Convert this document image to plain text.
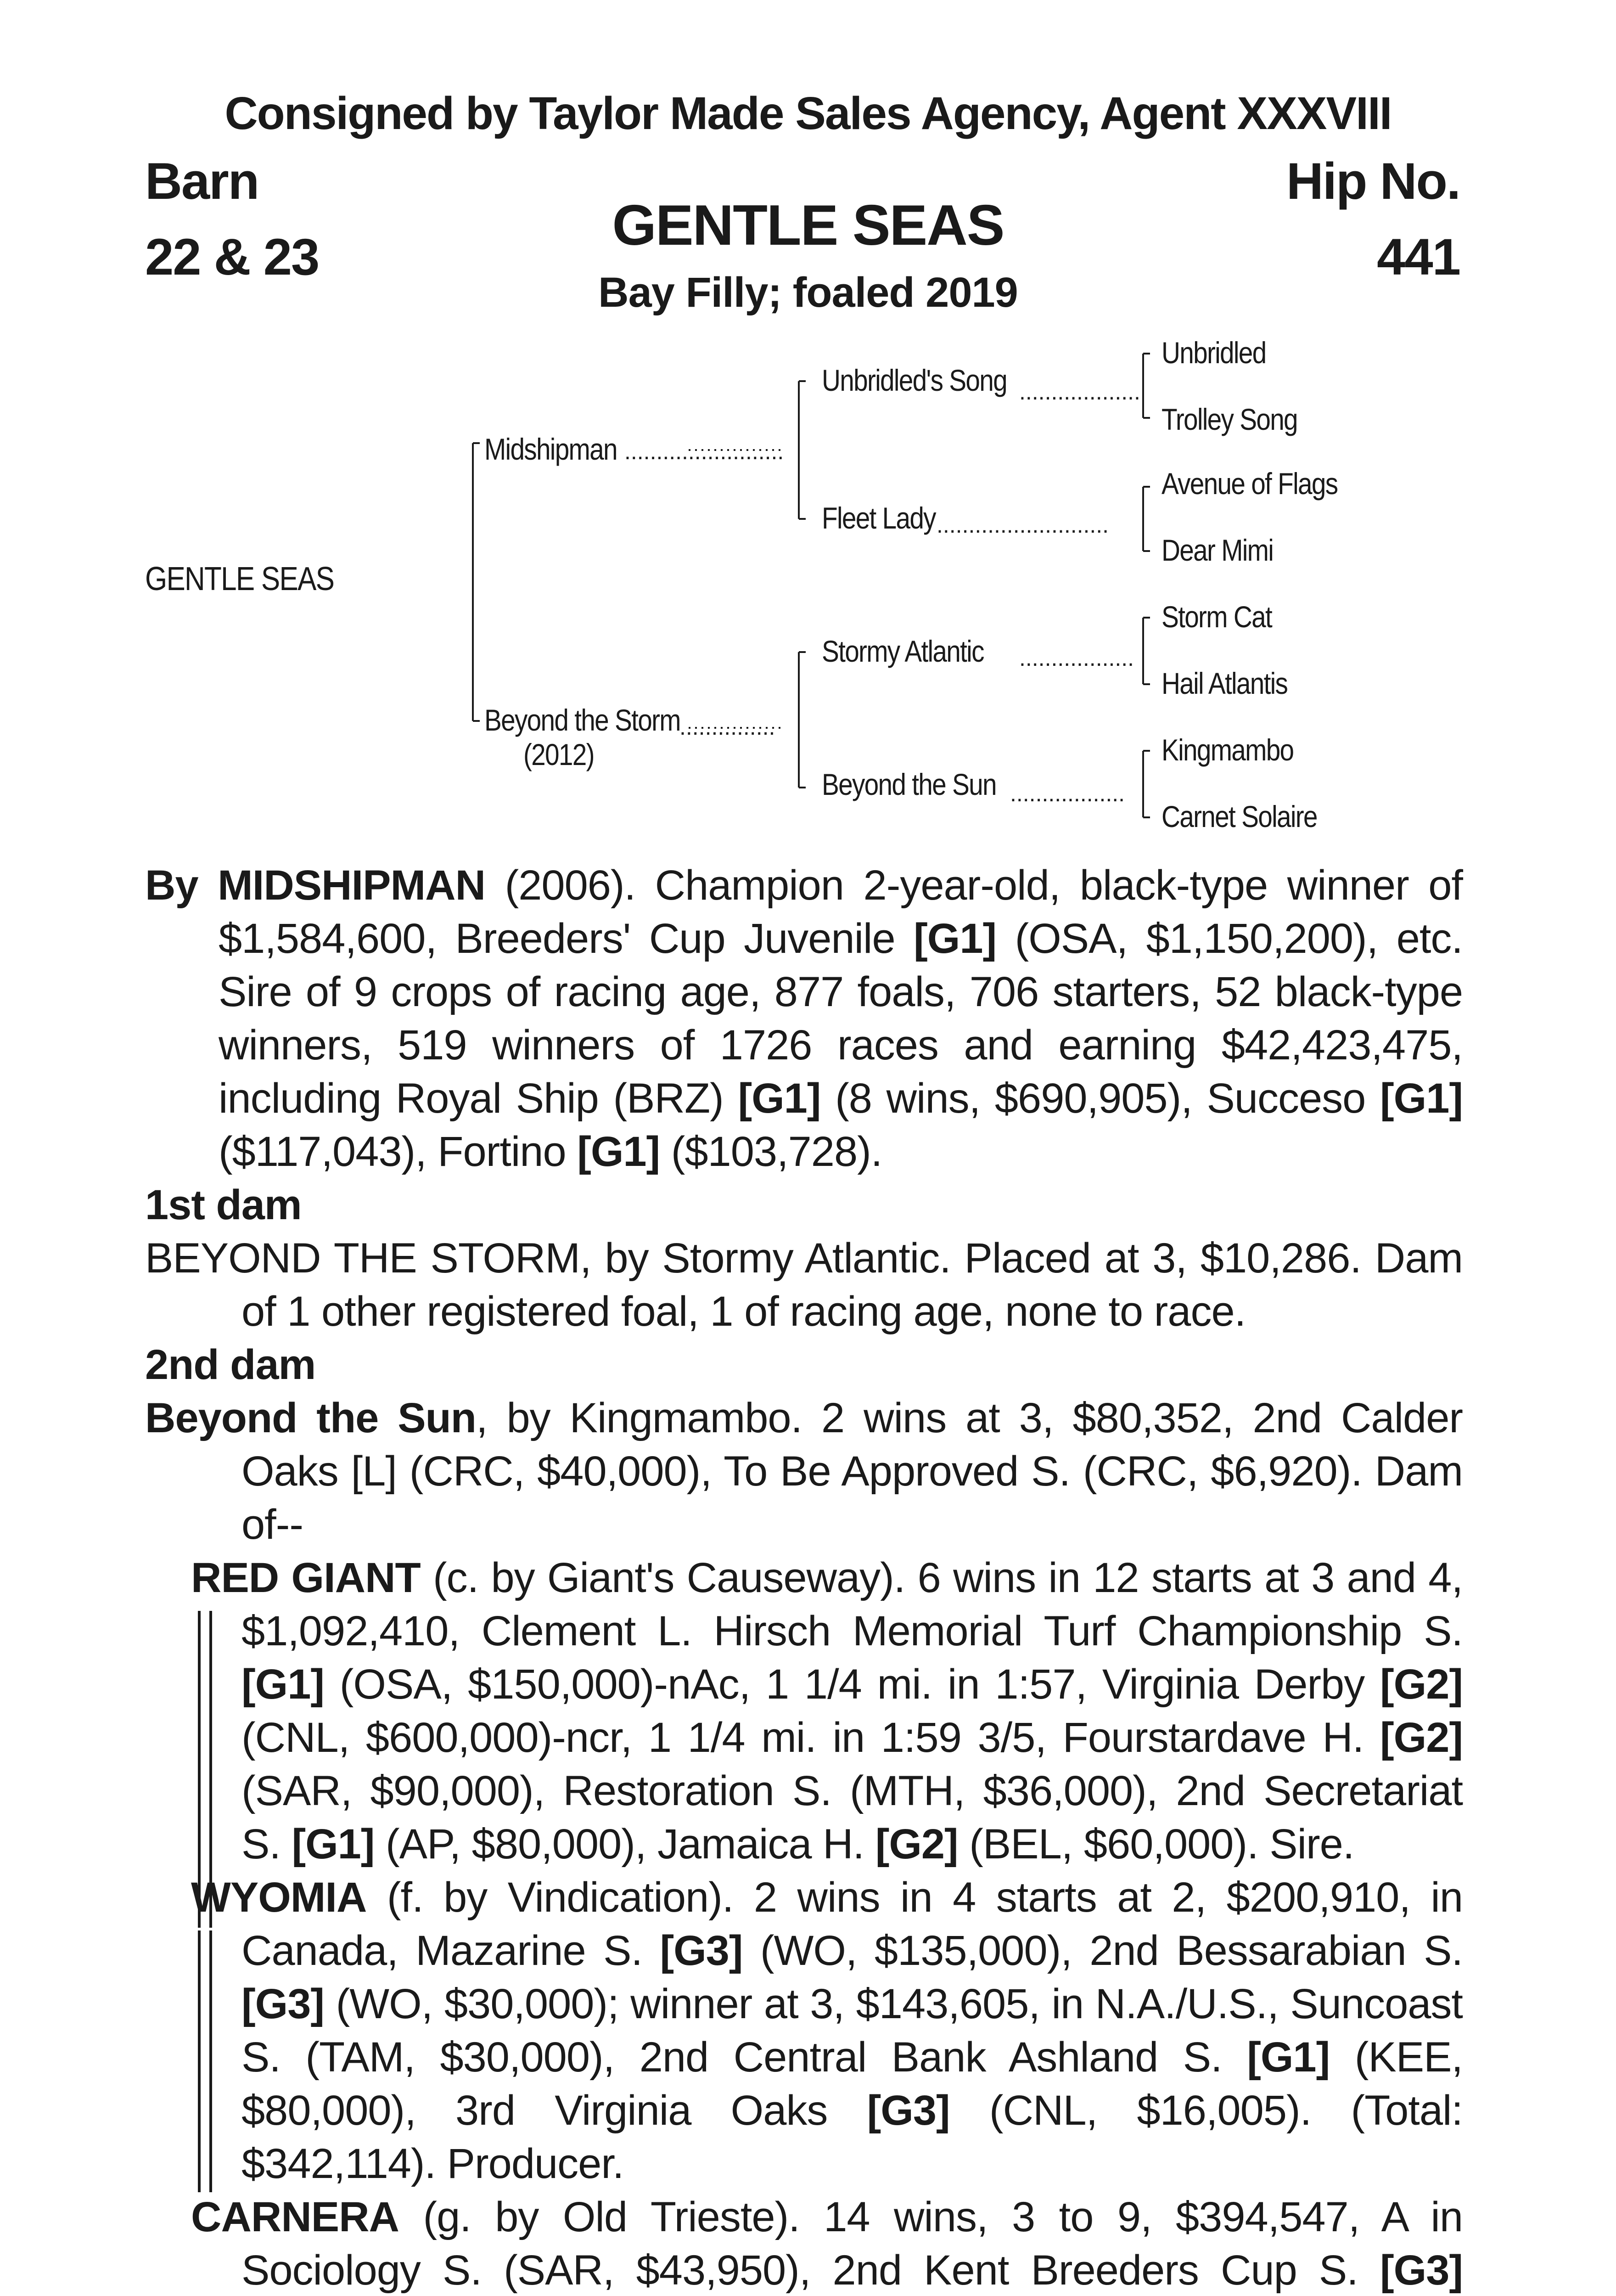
Consigned by Taylor Made Sales Agency, Agent XXXVIII
Barn
22 & 23
Hip No.
441
GENTLE SEAS
Bay Filly; foaled 2019
.........................
...............
...................
...........................
..................
..................
GENTLE SEAS
Midshipman
Beyond the Storm
(2012)
Unbridled's Song
Fleet Lady
Stormy Atlantic
Beyond the Sun
Unbridled
Trolley Song
Avenue of Flags
Dear Mimi
Storm Cat
Hail Atlantis
Kingmambo
Carnet Solaire

By MIDSHIPMAN (2006). Champion 2-year-old, black-type winner of $1,584,600, Breeders' Cup Juvenile [G1] (OSA, $1,150,200), etc. Sire of 9 crops of racing age, 877 foals, 706 starters, 52 black-type winners, 519 winners of 1726 races and earning $42,423,475, including Royal Ship (BRZ) [G1] (8 wins, $690,905), Succeso [G1] ($117,043), Fortino [G1] ($103,728).

1st dam

BEYOND THE STORM, by Stormy Atlantic. Placed at 3, $10,286. Dam of 1 other registered foal, 1 of racing age, none to race.

2nd dam

Beyond the Sun, by Kingmambo. 2 wins at 3, $80,352, 2nd Calder Oaks [L] (CRC, $40,000), To Be Approved S. (CRC, $6,920). Dam of--

RED GIANT (c. by Giant's Causeway). 6 wins in 12 starts at 3 and 4, $1,092,410, Clement L. Hirsch Memorial Turf Championship S. [G1] (OSA, $150,000)-nAc, 1 1/4 mi. in 1:57, Virginia Derby [G2] (CNL, $600,000)-ncr, 1 1/4 mi. in 1:59 3/5, Fourstardave H. [G2] (SAR, $90,000), Restoration S. (MTH, $36,000), 2nd Secretariat S. [G1] (AP, $80,000), Jamaica H. [G2] (BEL, $60,000). Sire.

WYOMIA (f. by Vindication). 2 wins in 4 starts at 2, $200,910, in Canada, Mazarine S. [G3] (WO, $135,000), 2nd Bessarabian S. [G3] (WO, $30,000); winner at 3, $143,605, in N.A./U.S., Suncoast S. (TAM, $30,000), 2nd Central Bank Ashland S. [G1] (KEE, $80,000), 3rd Virginia Oaks [G3] (CNL, $16,005). (Total: $342,114). Producer.

CARNERA (g. by Old Trieste). 14 wins, 3 to 9, $394,547, A in Sociology S. (SAR, $43,950), 2nd Kent Breeders Cup S. [G3]
